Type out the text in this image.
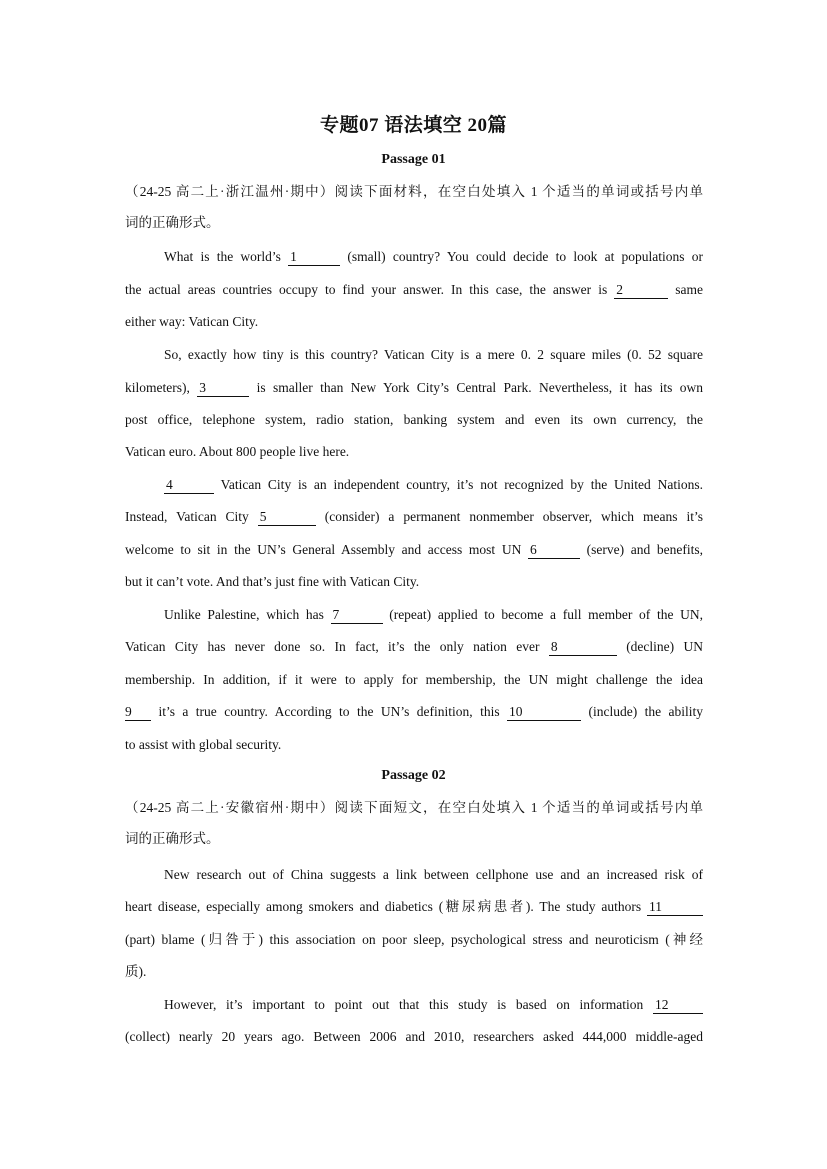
专题07 语法填空 20篇
Passage 01
（24-25 高二上·浙江温州·期中）阅读下面材料，在空白处填入 1 个适当的单词或括号内单
词的正确形式。
What is the world’s 1	(small) country? You could decide to look at populations or
the actual areas countries occupy to find your answer. In this case, the answer is 2	same
either way: Vatican City.
So, exactly how tiny is this country? Vatican City is a mere 0. 2 square miles (0. 52 square
kilometers), 3	is smaller than New York City’s Central Park. Nevertheless, it has its own
post office, telephone system, radio station, banking system and even its own currency, the
Vatican euro. About 800 people live here.
4	Vatican City is an independent country, it’s not recognized by the United Nations.
Instead, Vatican City 5	(consider) a permanent nonmember observer, which means it’s
welcome to sit in the UN’s General Assembly and access most UN 6	(serve) and benefits,
but it can’t vote. And that’s just fine with Vatican City.
Unlike Palestine, which has 7	(repeat) applied to become a full member of the UN,
Vatican City has never done so. In fact, it’s the only nation ever 8	(decline) UN
membership. In addition, if it were to apply for membership, the UN might challenge the idea
9 it’s a true country. According to the UN’s definition, this 10	(include) the ability
to assist with global security.
Passage 02
（24-25 高二上·安徽宿州·期中）阅读下面短文，在空白处填入 1 个适当的单词或括号内单
词的正确形式。
New research out of China suggests a link between cellphone use and an increased risk of
heart disease, especially among smokers and diabetics (糖尿病患者). The study authors 11
(part) blame (归咎于) this association on poor sleep, psychological stress and neuroticism (神经
质).
However, it’s important to point out that this study is based on information 12
(collect) nearly 20 years ago. Between 2006 and 2010, researchers asked 444,000 middle-aged
